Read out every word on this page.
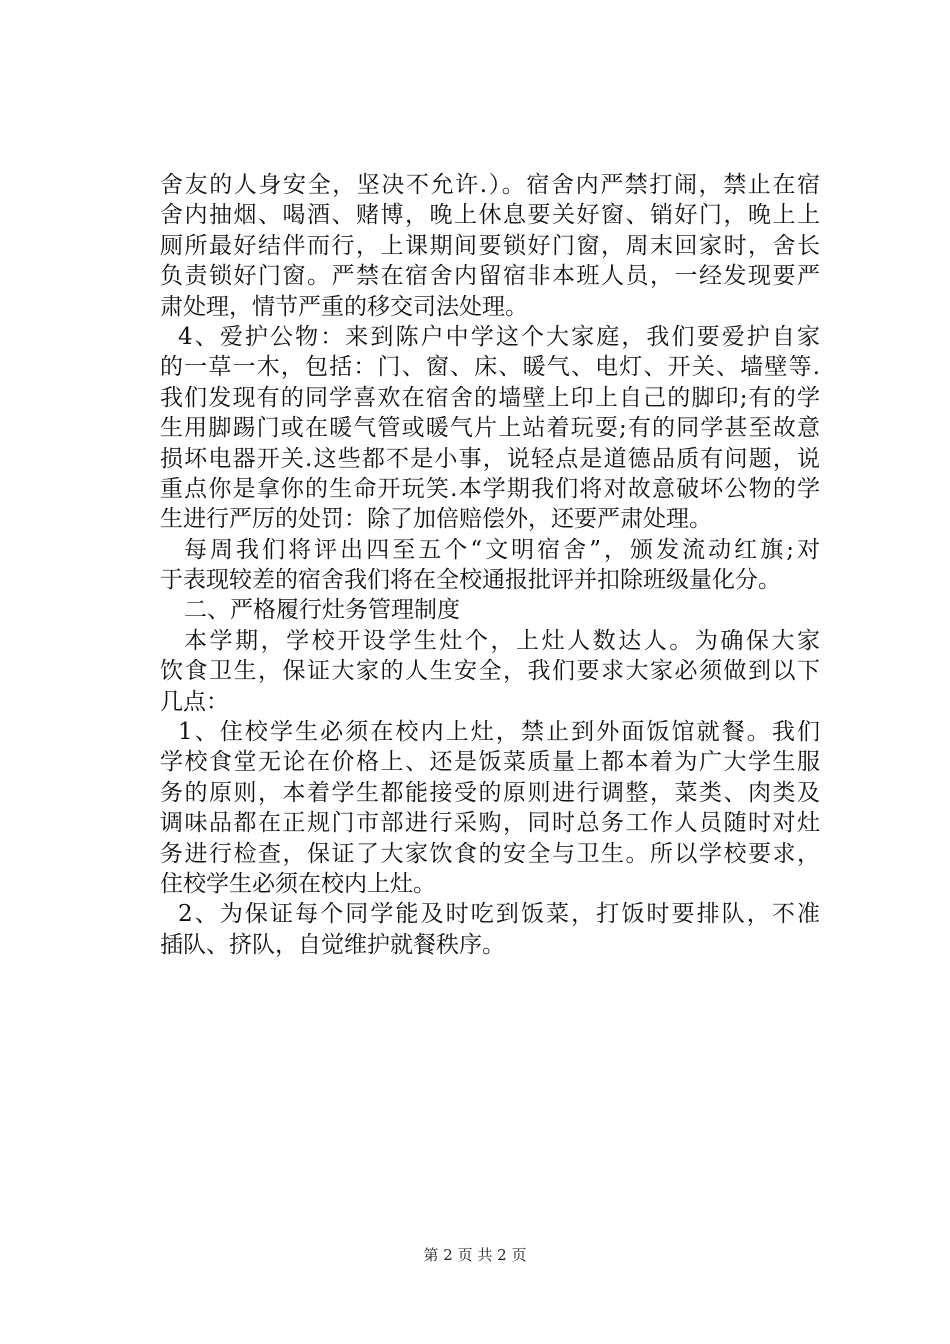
舍友的人身安全，坚决不允许.）。宿舍内严禁打闹，禁止在宿
舍内抽烟、喝酒、赌博，晚上休息要关好窗、销好门，晚上上
厕所最好结伴而行，上课期间要锁好门窗，周末回家时，舍长
负责锁好门窗。严禁在宿舍内留宿非本班人员，一经发现要严
肃处理，情节严重的移交司法处理。
4、爱护公物：来到陈户中学这个大家庭，我们要爱护自家
的一草一木，包括：门、窗、床、暖气、电灯、开关、墙壁等.
我们发现有的同学喜欢在宿舍的墙壁上印上自己的脚印;有的学
生用脚踢门或在暖气管或暖气片上站着玩耍;有的同学甚至故意
损坏电器开关.这些都不是小事，说轻点是道德品质有问题，说
重点你是拿你的生命开玩笑.本学期我们将对故意破坏公物的学
生进行严厉的处罚：除了加倍赔偿外，还要严肃处理。
每周我们将评出四至五个“文明宿舍”，颁发流动红旗;对
于表现较差的宿舍我们将在全校通报批评并扣除班级量化分。
二、严格履行灶务管理制度
本学期，学校开设学生灶个，上灶人数达人。为确保大家
饮食卫生，保证大家的人生安全，我们要求大家必须做到以下
几点：
1、住校学生必须在校内上灶，禁止到外面饭馆就餐。我们
学校食堂无论在价格上、还是饭菜质量上都本着为广大学生服
务的原则，本着学生都能接受的原则进行调整，菜类、肉类及
调味品都在正规门市部进行采购，同时总务工作人员随时对灶
务进行检查，保证了大家饮食的安全与卫生。所以学校要求，
住校学生必须在校内上灶。
2、为保证每个同学能及时吃到饭菜，打饭时要排队，不准
插队、挤队，自觉维护就餐秩序。
第 2 页 共 2 页
